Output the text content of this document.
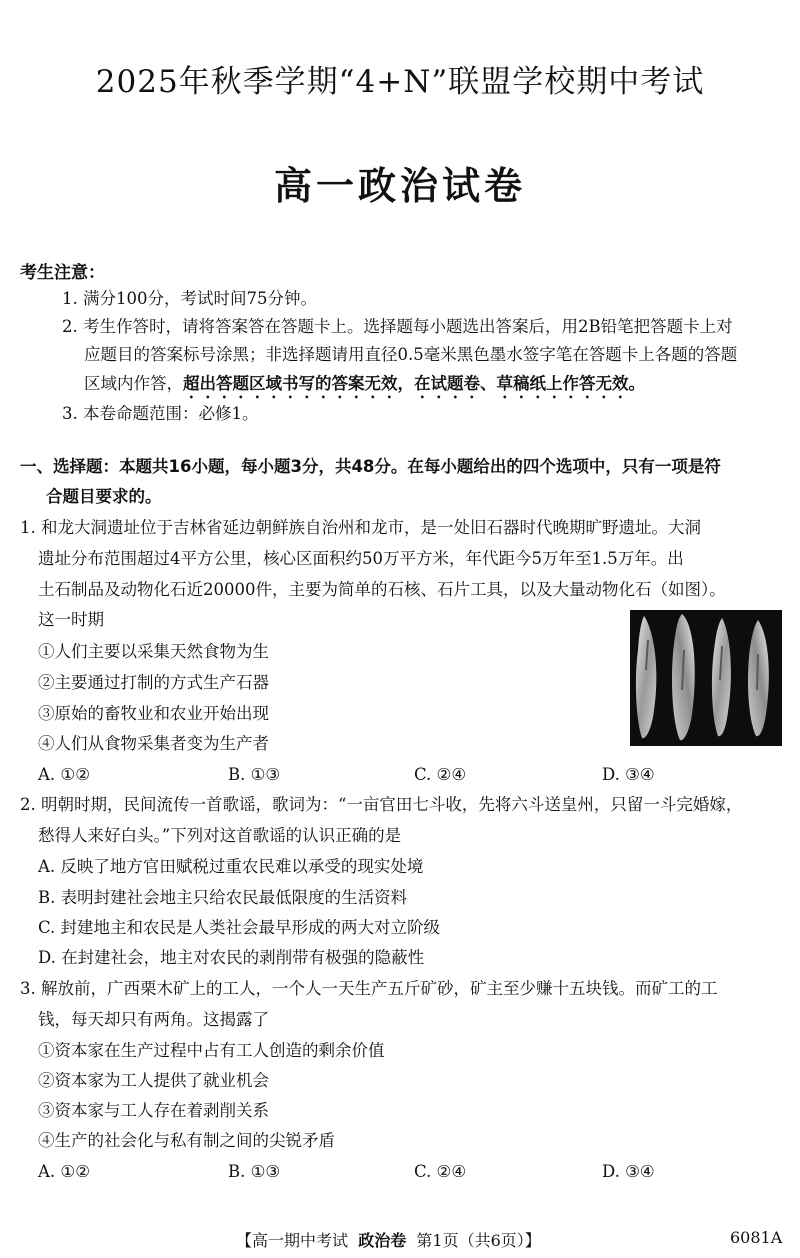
2025年秋季学期“4+N”联盟学校期中考试
高一政治试卷
考生注意：
1. 满分100分，考试时间75分钟。
2. 考生作答时，请将答案答在答题卡上。选择题每小题选出答案后，用2B铅笔把答题卡上对
应题目的答案标号涂黑；非选择题请用直径0.5毫米黑色墨水签字笔在答题卡上各题的答题
区域内作答，超出答题区域书写的答案无效，在试题卷、草稿纸上作答无效。
3. 本卷命题范围：必修1。
一、选择题：本题共16小题，每小题3分，共48分。在每小题给出的四个选项中，只有一项是符
合题目要求的。
1. 和龙大洞遗址位于吉林省延边朝鲜族自治州和龙市，是一处旧石器时代晚期旷野遗址。大洞
遗址分布范围超过4平方公里，核心区面积约50万平方米，年代距今5万年至1.5万年。出
土石制品及动物化石近20000件，主要为简单的石核、石片工具，以及大量动物化石（如图）。
这一时期
①人们主要以采集天然食物为生
②主要通过打制的方式生产石器
③原始的畜牧业和农业开始出现
④人们从食物采集者变为生产者
A. ①②	B. ①③	C. ②④	D. ③④
2. 明朝时期，民间流传一首歌谣，歌词为：“一亩官田七斗收，先将六斗送皇州，只留一斗完婚嫁，
愁得人来好白头。”下列对这首歌谣的认识正确的是
A. 反映了地方官田赋税过重农民难以承受的现实处境
B. 表明封建社会地主只给农民最低限度的生活资料
C. 封建地主和农民是人类社会最早形成的两大对立阶级
D. 在封建社会，地主对农民的剥削带有极强的隐蔽性
3. 解放前，广西栗木矿上的工人，一个人一天生产五斤矿砂，矿主至少赚十五块钱。而矿工的工
钱，每天却只有两角。这揭露了
①资本家在生产过程中占有工人创造的剩余价值
②资本家为工人提供了就业机会
③资本家与工人存在着剥削关系
④生产的社会化与私有制之间的尖锐矛盾
A. ①②	B. ①③	C. ②④	D. ③④
【高一期中考试 政治卷 第1页（共6页）】	6081A
